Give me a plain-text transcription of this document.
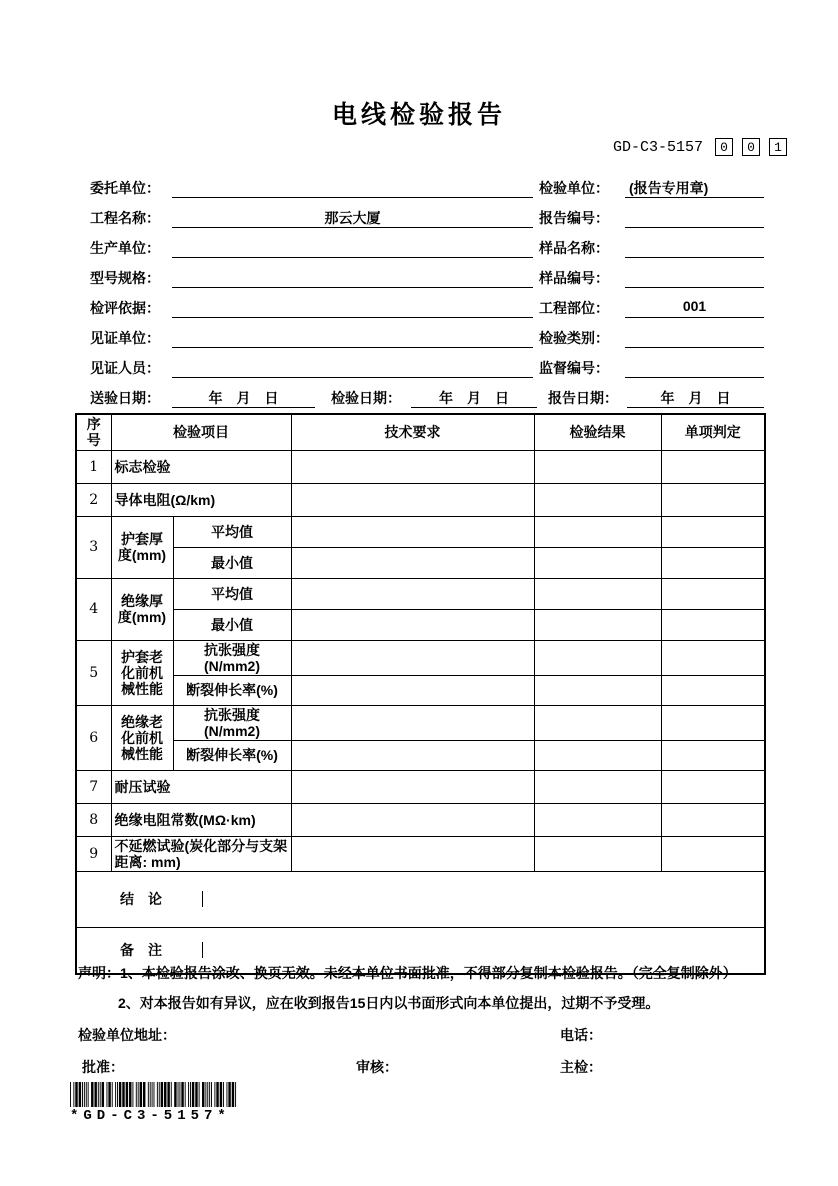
电线检验报告
GD-C3-5157	0	0	1
委托单位：
工程名称：	那云大厦
生产单位：
型号规格：
检评依据：
见证单位：
见证人员：
检验单位：	(报告专用章)
报告编号：
样品名称：
样品编号：
工程部位：	001
检验类别：
监督编号：
送验日期：	年　月　日	检验日期：	年　月　日	报告日期：	年　月　日
序号	检验项目		技术要求	检验结果	单项判定
1	标志检验				
2	导体电阻(Ω/km)				
3	护套厚度(mm)	平均值			
		最小值			
4	绝缘厚度(mm)	平均值			
		最小值			
5	护套老化前机械性能	抗张强度(N/mm2)			
		断裂伸长率(%)			
6	绝缘老化前机械性能	抗张强度(N/mm2)			
		断裂伸长率(%)			
7	耐压试验				
8	绝缘电阻常数(MΩ·km)				
9	不延燃试验(炭化部分与支架距离: mm)				

结　论					

备　注					
声明：1、本检验报告涂改、换页无效。未经本单位书面批准，不得部分复制本检验报告。（完全复制除外）
2、对本报告如有异议，应在收到报告15日内以书面形式向本单位提出，过期不予受理。
检验单位地址：	电话：
批准：	审核：	主检：
*GD-C3-5157*
